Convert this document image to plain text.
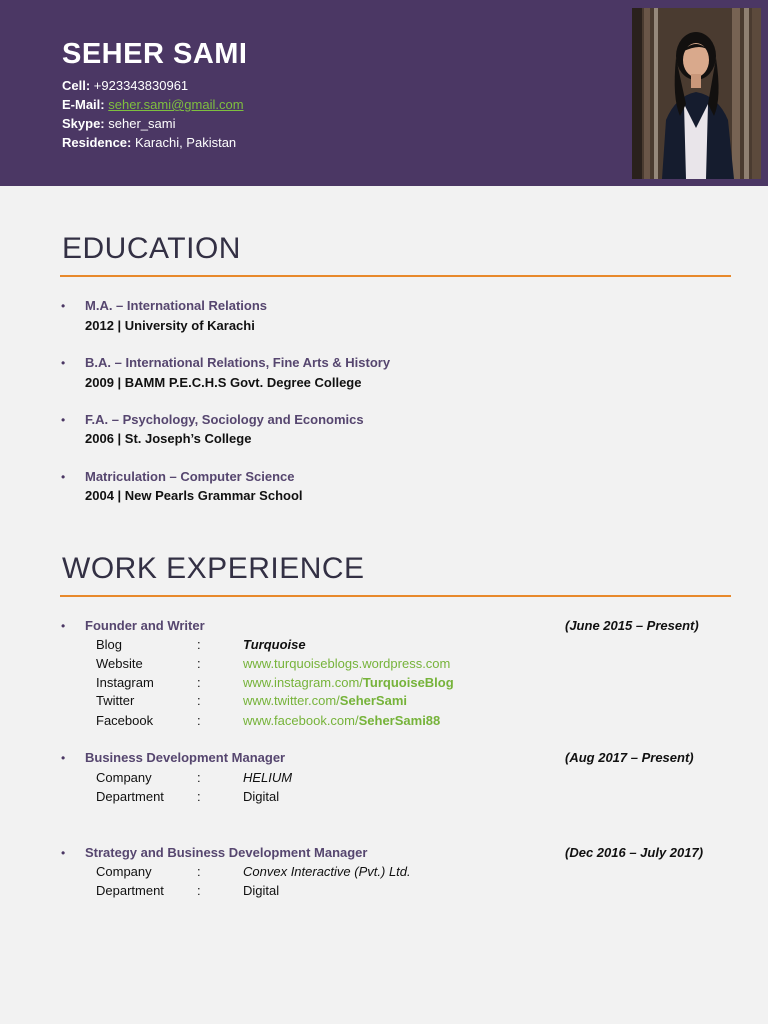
SEHER SAMI
Cell: +923343830961
E-Mail: seher.sami@gmail.com
Skype: seher_sami
Residence: Karachi, Pakistan
EDUCATION
• M.A. – International Relations
2012 | University of Karachi
• B.A. – International Relations, Fine Arts & History
2009 | BAMM P.E.C.H.S Govt. Degree College
• F.A. – Psychology, Sociology and Economics
2006 | St. Joseph’s College
• Matriculation – Computer Science
2004 | New Pearls Grammar School
WORK EXPERIENCE
• Founder and Writer	(June 2015 – Present)
Blog	:	Turquoise
Website	:	www.turquoiseblogs.wordpress.com
Instagram	:	www.instagram.com/TurquoiseBlog
Twitter	:	www.twitter.com/SeherSami
Facebook	:	www.facebook.com/SeherSami88
• Business Development Manager	(Aug 2017 – Present)
Company	:	HELIUM
Department	:	Digital
• Strategy and Business Development Manager	(Dec 2016 – July 2017)
Company	:	Convex Interactive (Pvt.) Ltd.
Department	:	Digital
